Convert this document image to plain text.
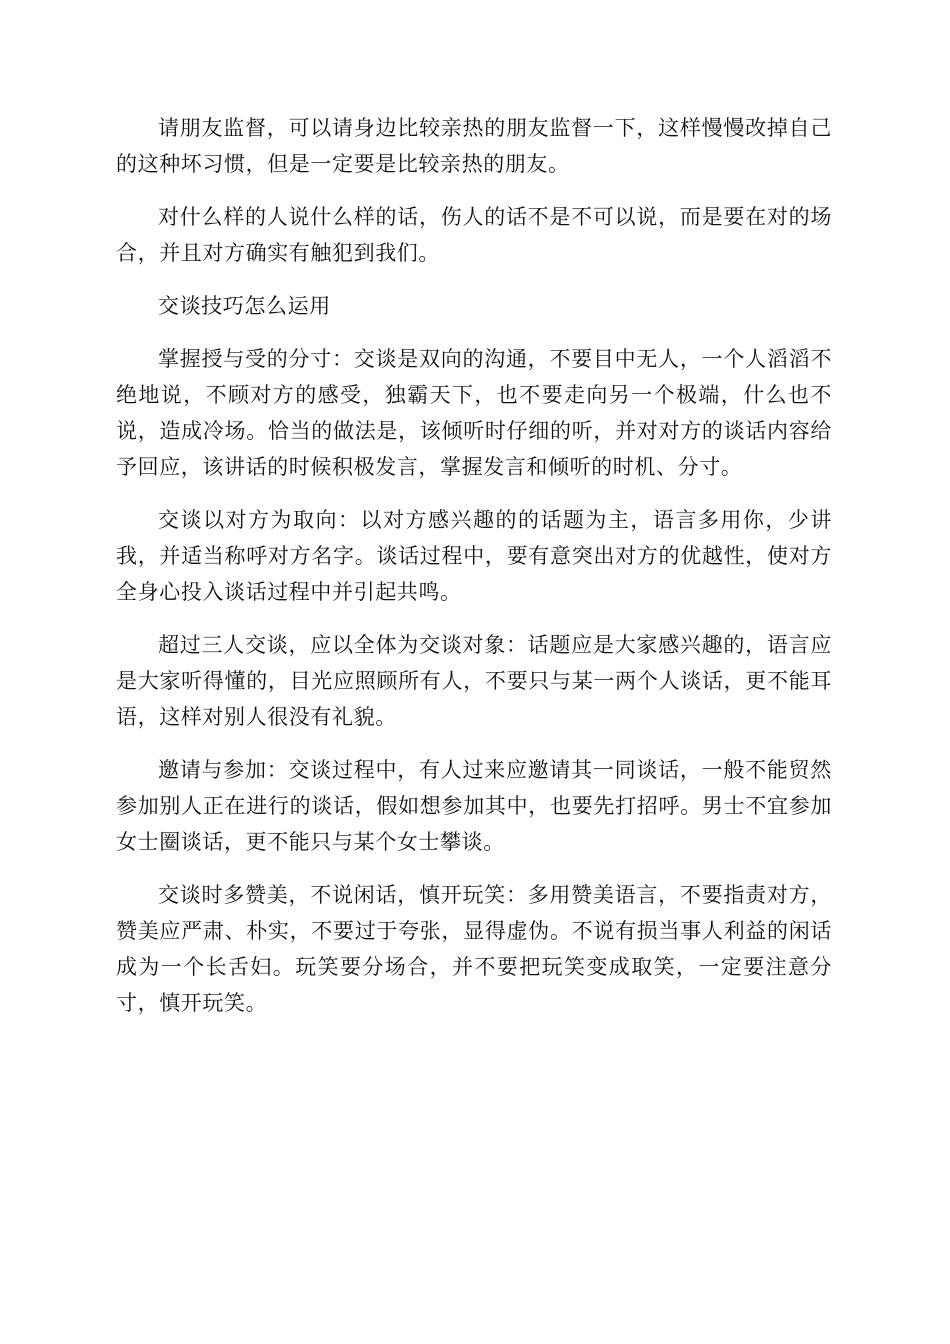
请朋友监督，可以请身边比较亲热的朋友监督一下，这样慢慢改掉自己的这种坏习惯，但是一定要是比较亲热的朋友。

对什么样的人说什么样的话，伤人的话不是不可以说，而是要在对的场合，并且对方确实有触犯到我们。

交谈技巧怎么运用

掌握授与受的分寸：交谈是双向的沟通，不要目中无人，一个人滔滔不绝地说，不顾对方的感受，独霸天下，也不要走向另一个极端，什么也不说，造成冷场。恰当的做法是，该倾听时仔细的听，并对对方的谈话内容给予回应，该讲话的时候积极发言，掌握发言和倾听的时机、分寸。

交谈以对方为取向：以对方感兴趣的的话题为主，语言多用你，少讲我，并适当称呼对方名字。谈话过程中，要有意突出对方的优越性，使对方全身心投入谈话过程中并引起共鸣。

超过三人交谈，应以全体为交谈对象：话题应是大家感兴趣的，语言应是大家听得懂的，目光应照顾所有人，不要只与某一两个人谈话，更不能耳语，这样对别人很没有礼貌。

邀请与参加：交谈过程中，有人过来应邀请其一同谈话，一般不能贸然参加别人正在进行的谈话，假如想参加其中，也要先打招呼。男士不宜参加女士圈谈话，更不能只与某个女士攀谈。

交谈时多赞美，不说闲话，慎开玩笑：多用赞美语言，不要指责对方，赞美应严肃、朴实，不要过于夸张，显得虚伪。不说有损当事人利益的闲话成为一个长舌妇。玩笑要分场合，并不要把玩笑变成取笑，一定要注意分寸，慎开玩笑。
